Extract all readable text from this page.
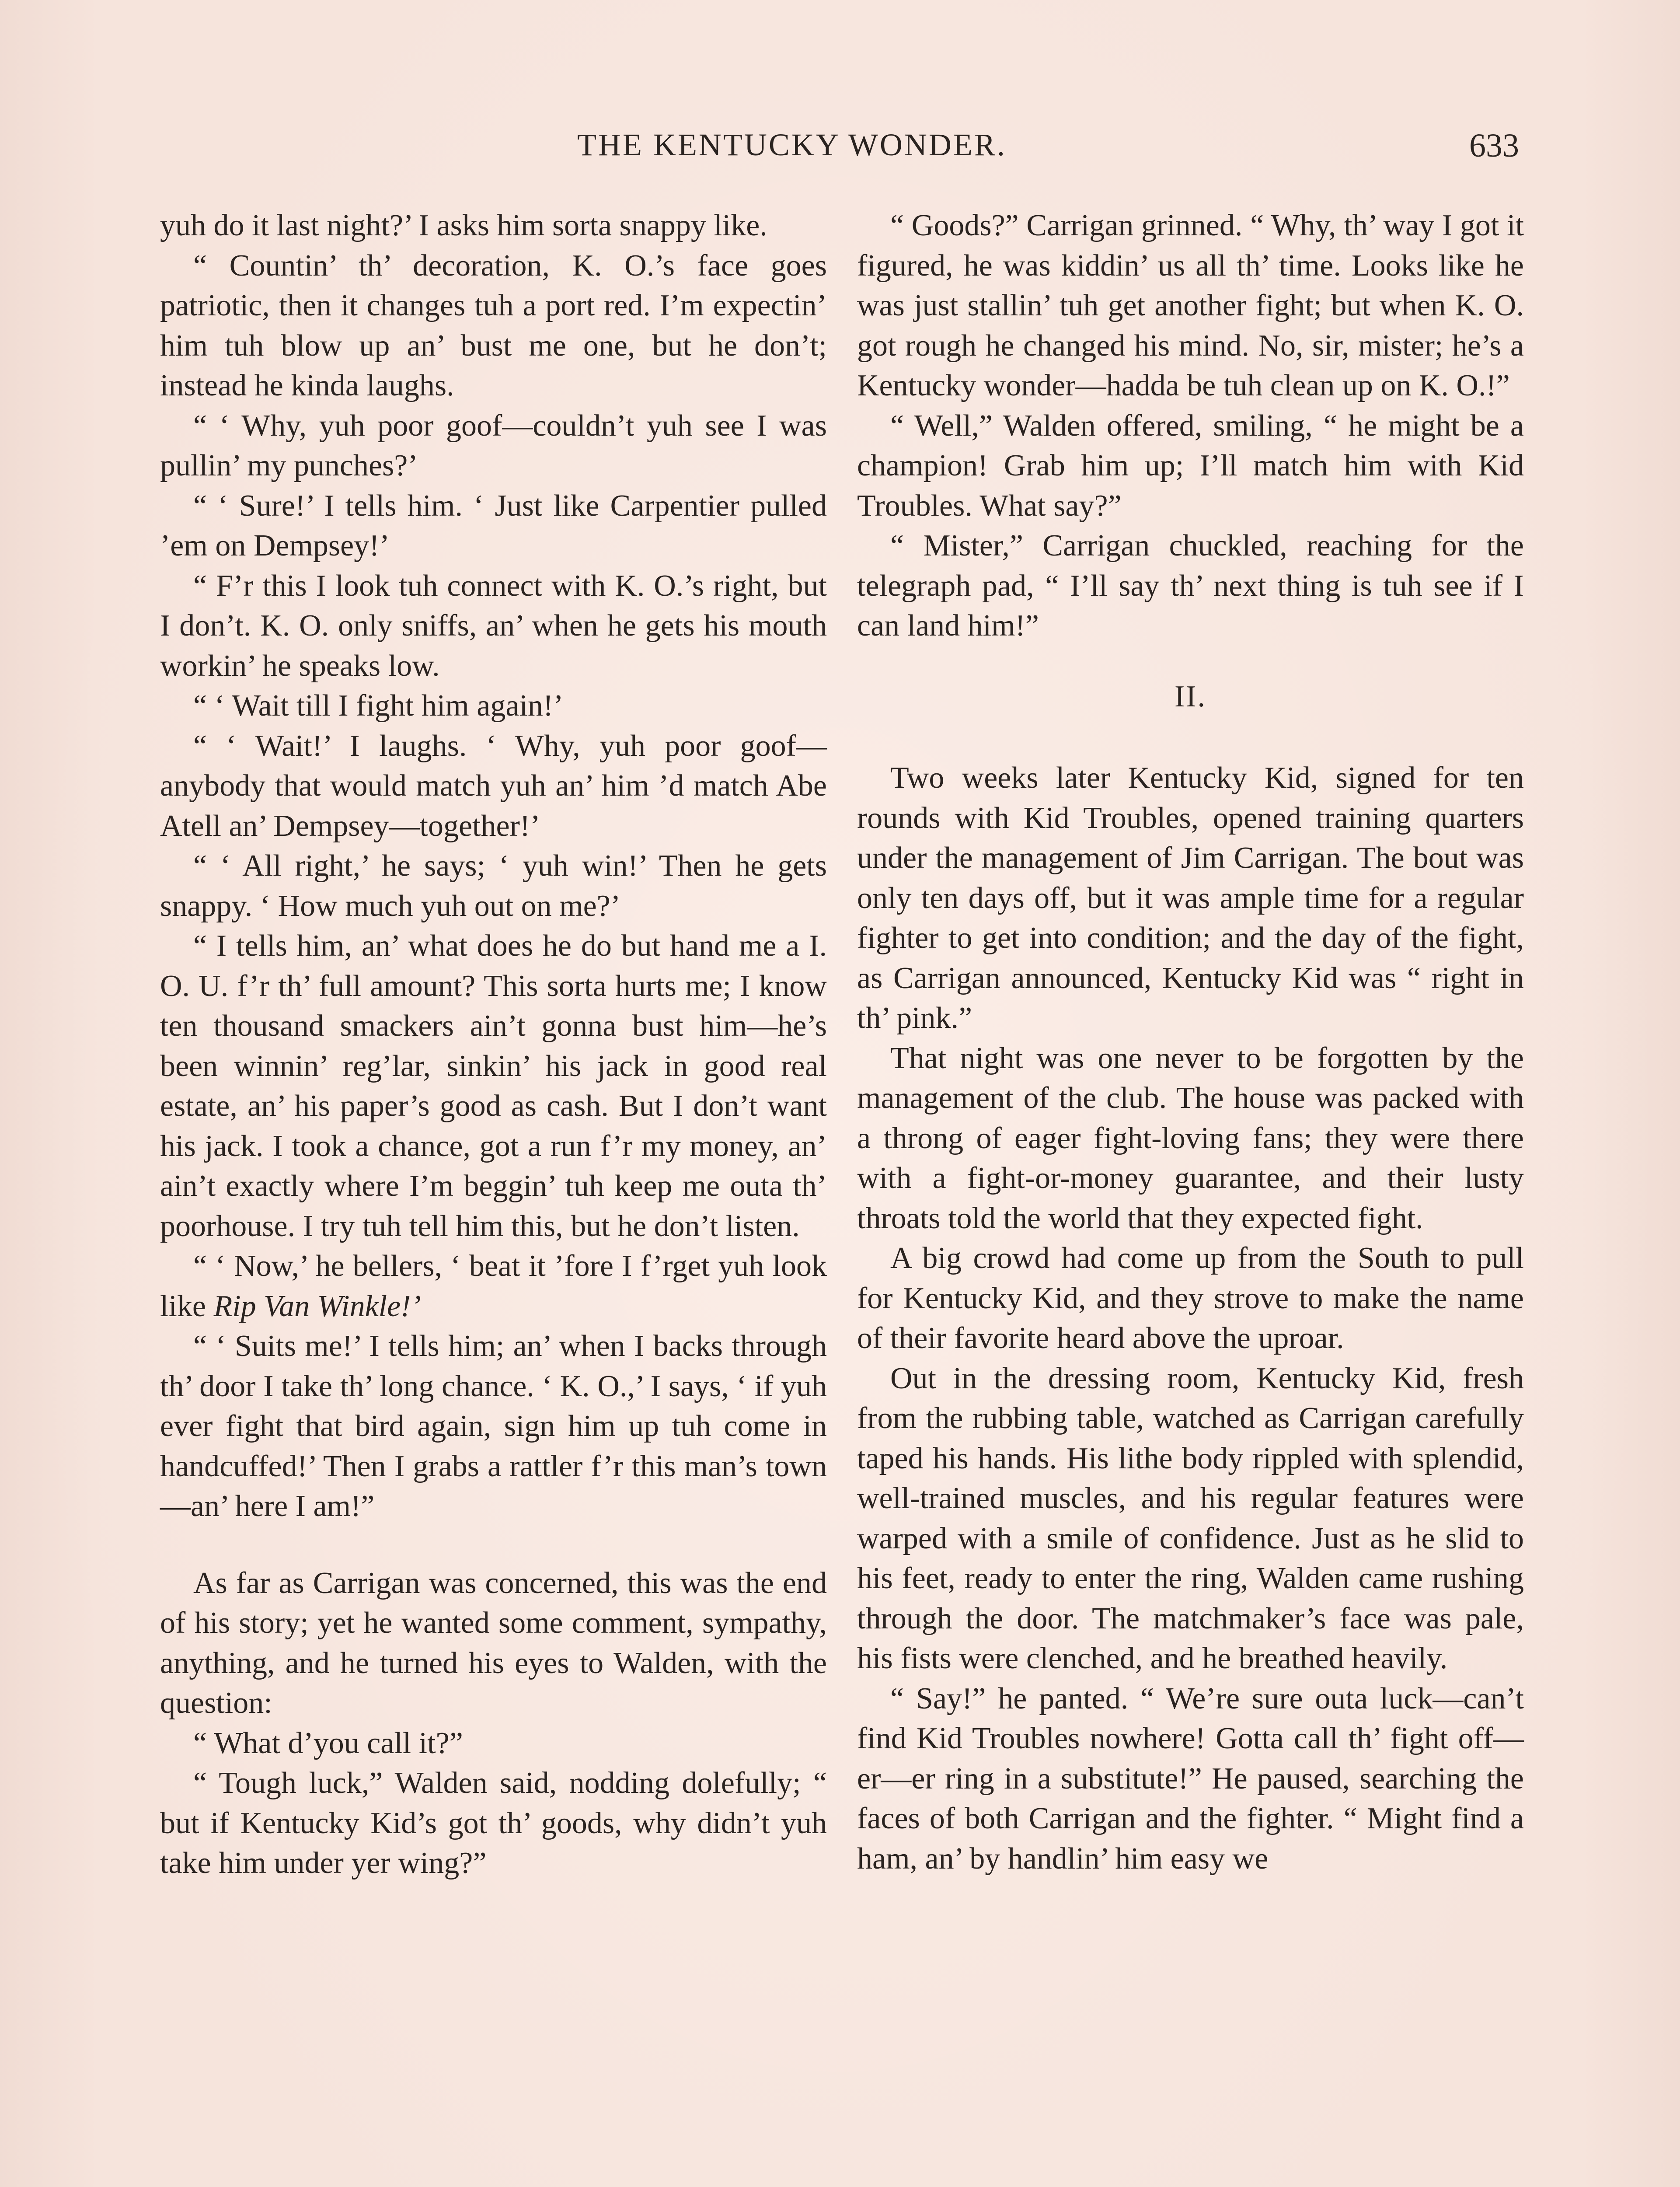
THE KENTUCKY WONDER.	633

yuh do it last night?’ I asks him sorta snappy like.

“ Countin’ th’ decoration, K. O.’s face goes patriotic, then it changes tuh a port red. I’m expectin’ him tuh blow up an’ bust me one, but he don’t; instead he kinda laughs.

“ ‘ Why, yuh poor goof—couldn’t yuh see I was pullin’ my punches?’

“ ‘ Sure!’ I tells him. ‘ Just like Carpentier pulled ’em on Dempsey!’

“ F’r this I look tuh connect with K. O.’s right, but I don’t. K. O. only sniffs, an’ when he gets his mouth workin’ he speaks low.

“ ‘ Wait till I fight him again!’

“ ‘ Wait!’ I laughs. ‘ Why, yuh poor goof—anybody that would match yuh an’ him ’d match Abe Atell an’ Dempsey—together!’

“ ‘ All right,’ he says; ‘ yuh win!’ Then he gets snappy. ‘ How much yuh out on me?’

“ I tells him, an’ what does he do but hand me a I. O. U. f’r th’ full amount? This sorta hurts me; I know ten thousand smackers ain’t gonna bust him—he’s been winnin’ reg’lar, sinkin’ his jack in good real estate, an’ his paper’s good as cash. But I don’t want his jack. I took a chance, got a run f’r my money, an’ ain’t exactly where I’m beggin’ tuh keep me outa th’ poorhouse. I try tuh tell him this, but he don’t listen.

“ ‘ Now,’ he bellers, ‘ beat it ’fore I f’rget yuh look like Rip Van Winkle!’

“ ‘ Suits me!’ I tells him; an’ when I backs through th’ door I take th’ long chance. ‘ K. O.,’ I says, ‘ if yuh ever fight that bird again, sign him up tuh come in handcuffed!’ Then I grabs a rattler f’r this man’s town—an’ here I am!”

As far as Carrigan was concerned, this was the end of his story; yet he wanted some comment, sympathy, anything, and he turned his eyes to Walden, with the question:

“ What d’you call it?”

“ Tough luck,” Walden said, nodding dolefully; “ but if Kentucky Kid’s got th’ goods, why didn’t yuh take him under yer wing?”

“ Goods?” Carrigan grinned. “ Why, th’ way I got it figured, he was kiddin’ us all th’ time. Looks like he was just stallin’ tuh get another fight; but when K. O. got rough he changed his mind. No, sir, mister; he’s a Kentucky wonder—hadda be tuh clean up on K. O.!”

“ Well,” Walden offered, smiling, “ he might be a champion! Grab him up; I’ll match him with Kid Troubles. What say?”

“ Mister,” Carrigan chuckled, reaching for the telegraph pad, “ I’ll say th’ next thing is tuh see if I can land him!”

II.

Two weeks later Kentucky Kid, signed for ten rounds with Kid Troubles, opened training quarters under the management of Jim Carrigan. The bout was only ten days off, but it was ample time for a regular fighter to get into condition; and the day of the fight, as Carrigan announced, Kentucky Kid was “ right in th’ pink.”

That night was one never to be forgotten by the management of the club. The house was packed with a throng of eager fight-loving fans; they were there with a fight-or-money guarantee, and their lusty throats told the world that they expected fight.

A big crowd had come up from the South to pull for Kentucky Kid, and they strove to make the name of their favorite heard above the uproar.

Out in the dressing room, Kentucky Kid, fresh from the rubbing table, watched as Carrigan carefully taped his hands. His lithe body rippled with splendid, well-trained muscles, and his regular features were warped with a smile of confidence. Just as he slid to his feet, ready to enter the ring, Walden came rushing through the door. The matchmaker’s face was pale, his fists were clenched, and he breathed heavily.

“ Say!” he panted. “ We’re sure outa luck—can’t find Kid Troubles nowhere! Gotta call th’ fight off—er—er ring in a substitute!” He paused, searching the faces of both Carrigan and the fighter. “ Might find a ham, an’ by handlin’ him easy we
